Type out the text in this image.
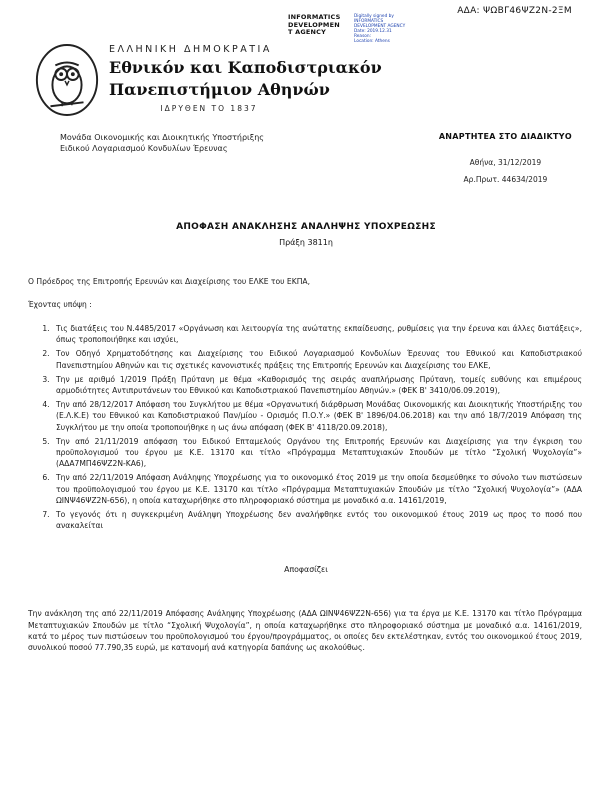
ΑΔΑ: ΨΩΒΓ46ΨΖ2Ν-2ΞΜ
INFORMATICS
DEVELOPMEN
T AGENCY
Digitally signed by
INFORMATICS
DEVELOPMENT AGENCY
Date: 2019.12.31
Reason:
Location: Athens
ΕΛΛΗΝΙΚΗ ΔΗΜΟΚΡΑΤΙΑ
Εθνικόν και Καποδιστριακόν
Πανεπιστήμιον Αθηνών
ΙΔΡΥΘΕΝ ΤΟ 1837
Μονάδα Οικονομικής και Διοικητικής Υποστήριξης
Ειδικού Λογαριασμού Κονδυλίων Έρευνας
ΑΝΑΡΤΗΤΕΑ ΣΤΟ ΔΙΑΔΙΚΤΥΟ
Αθήνα, 31/12/2019
Αρ.Πρωτ. 44634/2019
ΑΠΟΦΑΣΗ ΑΝΑΚΛΗΣΗΣ ΑΝΑΛΗΨΗΣ ΥΠΟΧΡΕΩΣΗΣ
Πράξη 3811η
Ο Πρόεδρος της Επιτροπής Ερευνών και Διαχείρισης του ΕΛΚΕ του ΕΚΠΑ,
Έχοντας υπόψη :
1. Τις διατάξεις του Ν.4485/2017 «Οργάνωση και λειτουργία της ανώτατης εκπαίδευσης, ρυθμίσεις για την έρευνα και άλλες διατάξεις», όπως τροποποιήθηκε και ισχύει,
2. Τον Οδηγό Χρηματοδότησης και Διαχείρισης του Ειδικού Λογαριασμού Κονδυλίων Έρευνας του Εθνικού και Καποδιστριακού Πανεπιστημίου Αθηνών και τις σχετικές κανονιστικές πράξεις της Επιτροπής Ερευνών και Διαχείρισης του ΕΛΚΕ,
3. Την με αριθμό 1/2019 Πράξη Πρύτανη με θέμα «Καθορισμός της σειράς αναπλήρωσης Πρύτανη, τομείς ευθύνης και επιμέρους αρμοδιότητες Αντιπρυτάνεων του Εθνικού και Καποδιστριακού Πανεπιστημίου Αθηνών.» (ΦΕΚ Β' 3410/06.09.2019),
4. Την από 28/12/2017 Απόφαση του Συγκλήτου με θέμα «Οργανωτική διάρθρωση Μονάδας Οικονομικής και Διοικητικής Υποστήριξης του (Ε.Λ.Κ.Ε) του Εθνικού και Καποδιστριακού Παν/μίου - Ορισμός Π.Ο.Υ.» (ΦΕΚ Β' 1896/04.06.2018) και την από 18/7/2019 Απόφαση της Συγκλήτου με την οποία τροποποιήθηκε η ως άνω απόφαση (ΦΕΚ Β' 4118/20.09.2018),
5. Την από 21/11/2019 απόφαση του Ειδικού Επταμελούς Οργάνου της Επιτροπής Ερευνών και Διαχείρισης για την έγκριση του προϋπολογισμού του έργου με Κ.Ε. 13170 και τίτλο «Πρόγραμμα Μεταπτυχιακών Σπουδών με τίτλο “Σχολική Ψυχολογία”» (ΑΔΑ7ΜΠ46ΨΖ2Ν-ΚΑ6),
6. Την από 22/11/2019 Απόφαση Ανάληψης Υποχρέωσης για το οικονομικό έτος 2019 με την οποία δεσμεύθηκε το σύνολο των πιστώσεων του προϋπολογισμού του έργου με Κ.Ε. 13170 και τίτλο «Πρόγραμμα Μεταπτυχιακών Σπουδών με τίτλο “Σχολική Ψυχολογία”» (ΑΔΑ ΩΙΝΨ46ΨΖ2Ν-656), η οποία καταχωρήθηκε στο πληροφοριακό σύστημα με μοναδικό α.α. 14161/2019,
7. Το γεγονός ότι η συγκεκριμένη Ανάληψη Υποχρέωσης δεν αναλήφθηκε εντός του οικονομικού έτους 2019 ως προς το ποσό που ανακαλείται
Αποφασίζει
Την ανάκληση της από 22/11/2019 Απόφασης Ανάληψης Υποχρέωσης (ΑΔΑ ΩΙΝΨ46ΨΖ2Ν-656) για τα έργα με Κ.Ε. 13170 και τίτλο Πρόγραμμα Μεταπτυχιακών Σπουδών με τίτλο “Σχολική Ψυχολογία”, η οποία καταχωρήθηκε στο πληροφοριακό σύστημα με μοναδικό α.α. 14161/2019, κατά το μέρος των πιστώσεων του προϋπολογισμού του έργου/προγράμματος, οι οποίες δεν εκτελέστηκαν, εντός του οικονομικού έτους 2019, συνολικού ποσού 77.790,35 ευρώ, με κατανομή ανά κατηγορία δαπάνης ως ακολούθως.
